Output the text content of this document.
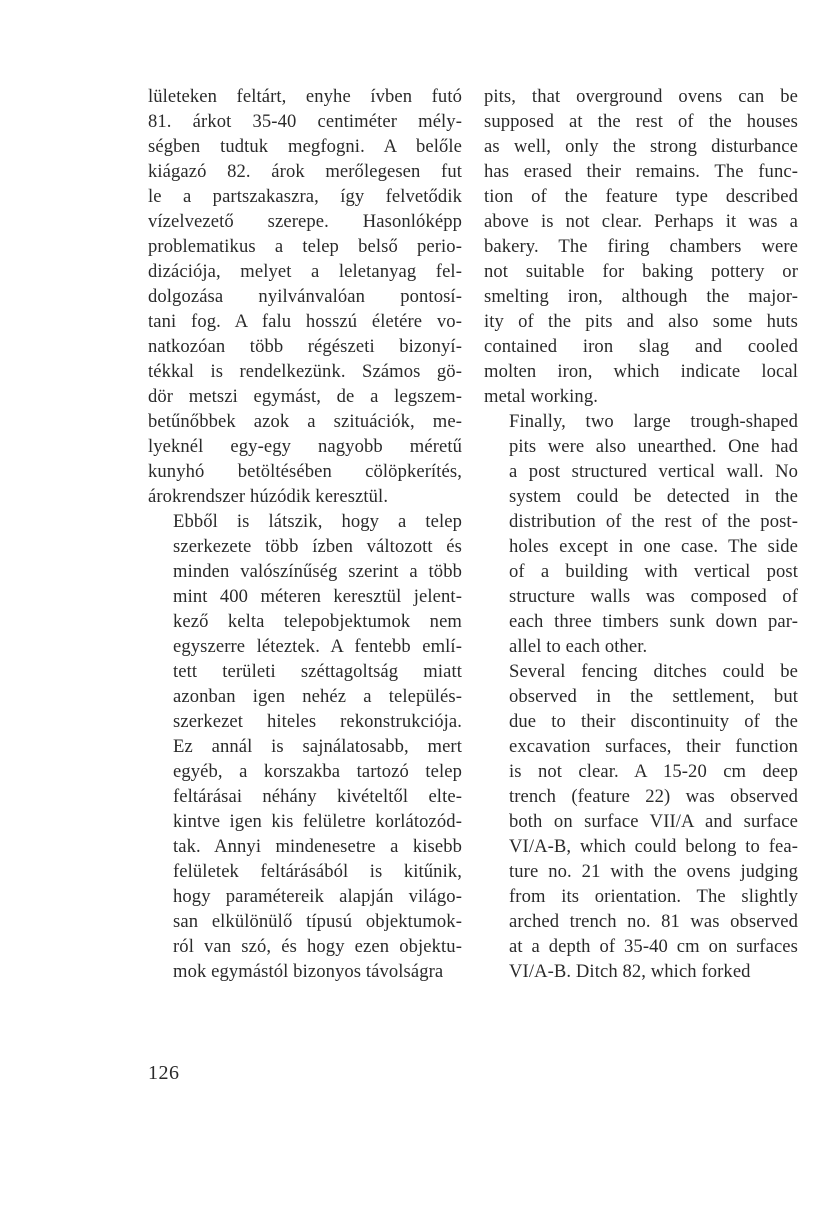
lületeken feltárt, enyhe ívben futó
81. árkot 35-40 centiméter mély-
ségben tudtuk megfogni. A belőle
kiágazó 82. árok merőlegesen fut
le a partszakaszra, így felvetődik
vízelvezető szerepe. Hasonlóképp
problematikus a telep belső perio-
dizációja, melyet a leletanyag fel-
dolgozása nyilvánvalóan pontosí-
tani fog. A falu hosszú életére vo-
natkozóan több régészeti bizonyí-
tékkal is rendelkezünk. Számos gö-
dör metszi egymást, de a legszem-
betűnőbbek azok a szituációk, me-
lyeknél egy-egy nagyobb méretű
kunyhó betöltésében cölöpkerítés,
árokrendszer húzódik keresztül.

Ebből is látszik, hogy a telep
szerkezete több ízben változott és
minden valószínűség szerint a több
mint 400 méteren keresztül jelent-
kező kelta telepobjektumok nem
egyszerre léteztek. A fentebb emlí-
tett területi széttagoltság miatt
azonban igen nehéz a település-
szerkezet hiteles rekonstrukciója.
Ez annál is sajnálatosabb, mert
egyéb, a korszakba tartozó telep
feltárásai néhány kivételtől elte-
kintve igen kis felületre korlátozód-
tak. Annyi mindenesetre a kisebb
felületek feltárásából is kitűnik,
hogy paramétereik alapján világo-
san elkülönülő típusú objektumok-
ról van szó, és hogy ezen objektu-
mok egymástól bizonyos távolságra

pits, that overground ovens can be
supposed at the rest of the houses
as well, only the strong disturbance
has erased their remains. The func-
tion of the feature type described
above is not clear. Perhaps it was a
bakery. The firing chambers were
not suitable for baking pottery or
smelting iron, although the major-
ity of the pits and also some huts
contained iron slag and cooled
molten iron, which indicate local
metal working.

Finally, two large trough-shaped
pits were also unearthed. One had
a post structured vertical wall. No
system could be detected in the
distribution of the rest of the post-
holes except in one case. The side
of a building with vertical post
structure walls was composed of
each three timbers sunk down par-
allel to each other.

Several fencing ditches could be
observed in the settlement, but
due to their discontinuity of the
excavation surfaces, their function
is not clear. A 15-20 cm deep
trench (feature 22) was observed
both on surface VII/A and surface
VI/A-B, which could belong to fea-
ture no. 21 with the ovens judging
from its orientation. The slightly
arched trench no. 81 was observed
at a depth of 35-40 cm on surfaces
VI/A-B. Ditch 82, which forked

126
